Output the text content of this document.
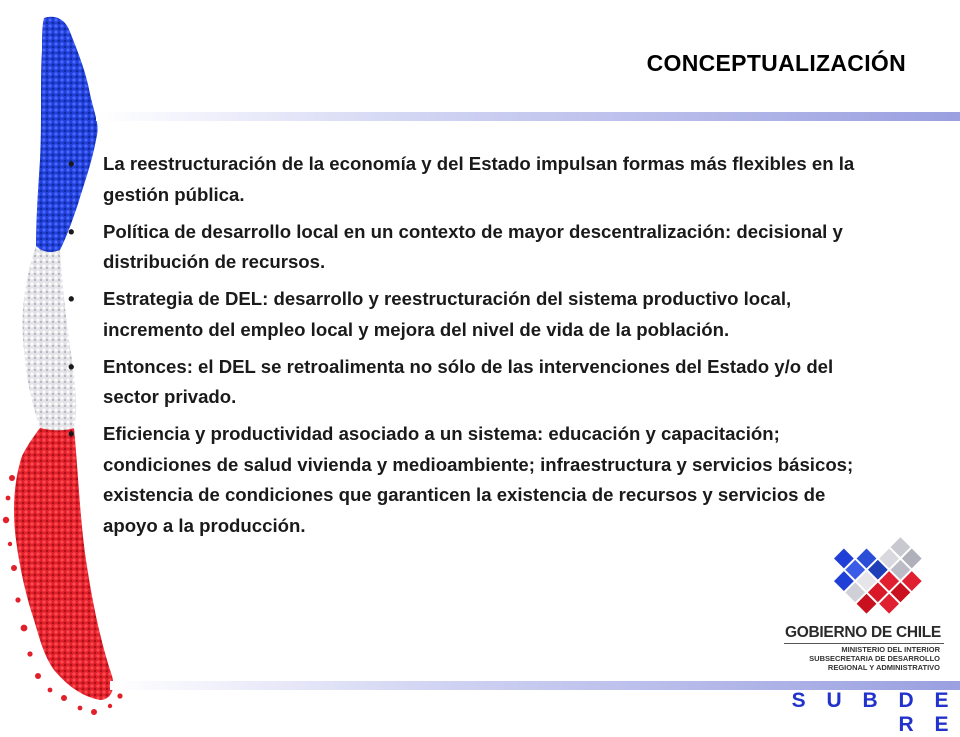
CONCEPTUALIZACIÓN
• La reestructuración de la economía y del Estado impulsan formas más flexibles en la gestión pública.
• Política de desarrollo local en un contexto de mayor descentralización: decisional y distribución de recursos.
• Estrategia de DEL: desarrollo y reestructuración del sistema productivo local, incremento del empleo local y mejora del nivel de vida de la población.
• Entonces: el DEL se retroalimenta no sólo de las intervenciones del Estado y/o del sector privado.
• Eficiencia y productividad asociado a un sistema: educación y capacitación; condiciones de salud vivienda y medioambiente; infraestructura y servicios básicos; existencia de condiciones que garanticen la existencia de recursos y servicios de apoyo a la producción.
GOBIERNO DE CHILE
MINISTERIO DEL INTERIOR
SUBSECRETARIA DE DESARROLLO
REGIONAL Y ADMINISTRATIVO
S U B D E R E
